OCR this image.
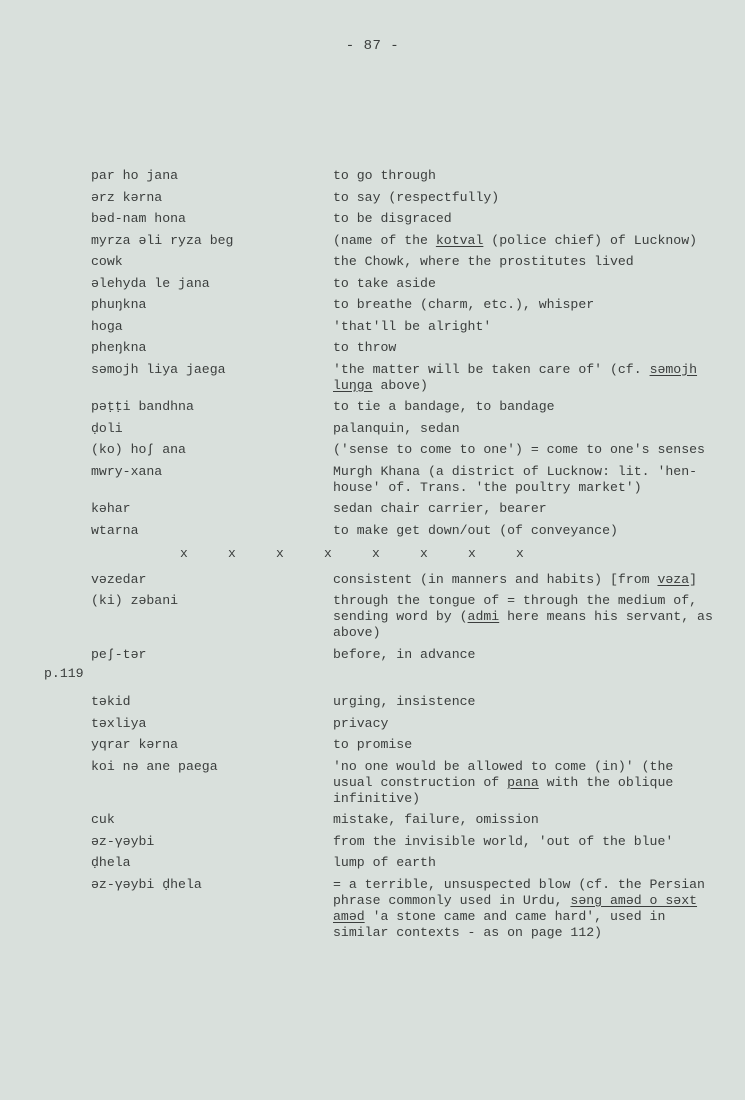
- 87 -
par ho jana	to go through
ərz kərna	to say (respectfully)
bəd-nam hona	to be disgraced
myrza əli ryza beg	(name of the kotval (police chief) of Lucknow)
cowk	the Chowk, where the prostitutes lived
əlehyda le jana	to take aside
phuŋkna	to breathe (charm, etc.), whisper
hoga	'that'll be alright'
pheŋkna	to throw
səmojh liya jaega	'the matter will be taken care of' (cf. səmojh luŋga above)
pəṭṭi bandhna	to tie a bandage, to bandage
ḍoli	palanquin, sedan
(ko) hoʃ ana	('sense to come to one') = come to one's senses
mwry-xana	Murgh Khana (a district of Lucknow: lit. 'hen-house' of. Trans. 'the poultry market')
kəhar	sedan chair carrier, bearer
wtarna	to make get down/out (of conveyance)
x	x	x	x	x	x	x	x
vəzedar	consistent (in manners and habits) [from vəza]
(ki) zəbani	through the tongue of = through the medium of, sending word by (admi here means his servant, as above)
peʃ-tər	before, in advance
p.119
təkid	urging, insistence
təxliya	privacy
yqrar kərna	to promise
koi nə ane paega	'no one would be allowed to come (in)' (the usual construction of pana with the oblique infinitive)
cuk	mistake, failure, omission
əz-γəybi	from the invisible world, 'out of the blue'
ḍhela	lump of earth
əz-γəybi ḍhela	= a terrible, unsuspected blow (cf. the Persian phrase commonly used in Urdu, səng aməd o səxt aməd 'a stone came and came hard', used in similar contexts - as on page 112)
